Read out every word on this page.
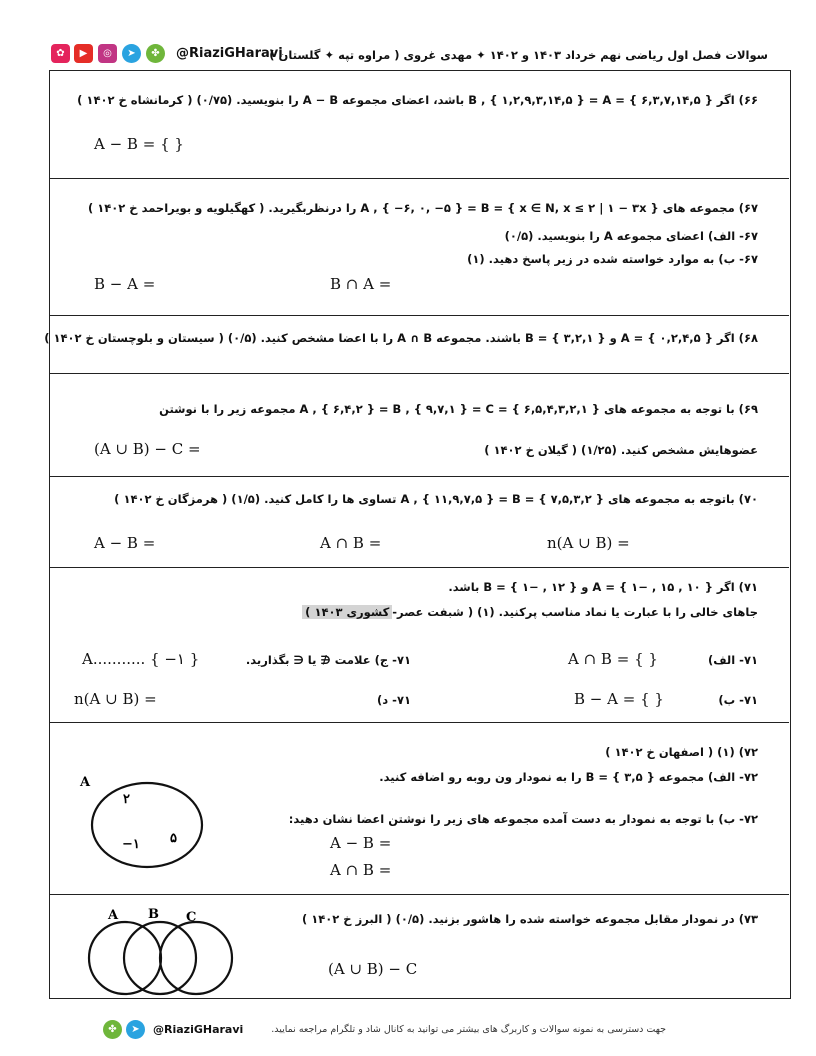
✿	▶	◎	➤	✤	@RiaziGHaravi
سوالات فصل اول ریاضی نهم خرداد ۱۴۰۳ و ۱۴۰۲ ✦ مهدی غروی ( مراوه تپه ✦ گلستان )
۶۶) اگر { ۶,۳,۷,۱۴,۵ } = B , { ۱,۲,۹,۳,۱۴,۵ } = A باشد، اعضای مجموعه A − B را بنویسید. (۰/۷۵) ( کرمانشاه خ ۱۴۰۲ )
A − B = { }
۶۷) مجموعه های { x ∈ N, x ≤ ۲ | ۱ − ۳x } = A , { −۶, ۰, −۵ } = B را درنظربگیرید. ( کهگیلویه و بویراحمد خ ۱۴۰۲ )
۶۷- الف) اعضای مجموعه A را بنویسید. (۰/۵)
۶۷- ب) به موارد خواسته شده در زیر پاسخ دهید. (۱)
B − A =	B ∩ A =
۶۸) اگر { ۰,۲,۴,۵ } = A و { ۳,۲,۱ } = B باشند. مجموعه A ∩ B را با اعضا مشخص کنید. (۰/۵) ( سیستان و بلوچستان خ ۱۴۰۲ )
۶۹) با توجه به مجموعه های { ۶,۵,۴,۳,۲,۱ } = A , { ۶,۴,۲ } = B , { ۹,۷,۱ } = C مجموعه زیر را با نوشتن
عضوهایش مشخص کنید. (۱/۲۵) ( گیلان خ ۱۴۰۲ )
(A ∪ B) − C =
۷۰) باتوجه به مجموعه های { ۷,۵,۳,۲ } = A , { ۱۱,۹,۷,۵ } = B تساوی ها را کامل کنید. (۱/۵) ( هرمزگان خ ۱۴۰۲ )
A − B =	A ∩ B =	n(A ∪ B) =
۷۱) اگر { ۱۰ , ۱۵ , −۱ } = A و { ۱۲ , −۱ } = B باشد.
جاهای خالی را با عبارت یا نماد مناسب پرکنید. (۱) ( شبفت عصر-کشوری ۱۴۰۳ )
۷۱- الف)
A ∩ B = { }
۷۱- ج) علامت ∉ یا ∈ بگذارید.
A........... { −۱ }
۷۱- ب)
B − A = { }
۷۱- د)
n(A ∪ B) =
۷۲) (۱) ( اصفهان خ ۱۴۰۲ )
۷۲- الف) مجموعه { ۳,۵ } = B را به نمودار ون روبه رو اضافه کنید.
۷۲- ب) با توجه به نمودار به دست آمده مجموعه های زیر را نوشتن اعضا نشان دهید:
A − B =
A ∩ B =
A
۲
−۱ ۵
۷۳) در نمودار مقابل مجموعه خواسته شده را هاشور بزنید. (۰/۵) ( البرز خ ۱۴۰۲ )
(A ∪ B) − C
A B C
✤	➤	@RiaziGHaravi	جهت دسترسی به نمونه سوالات و کاربرگ های بیشتر می توانید به کانال شاد و تلگرام مراجعه نمایید.
